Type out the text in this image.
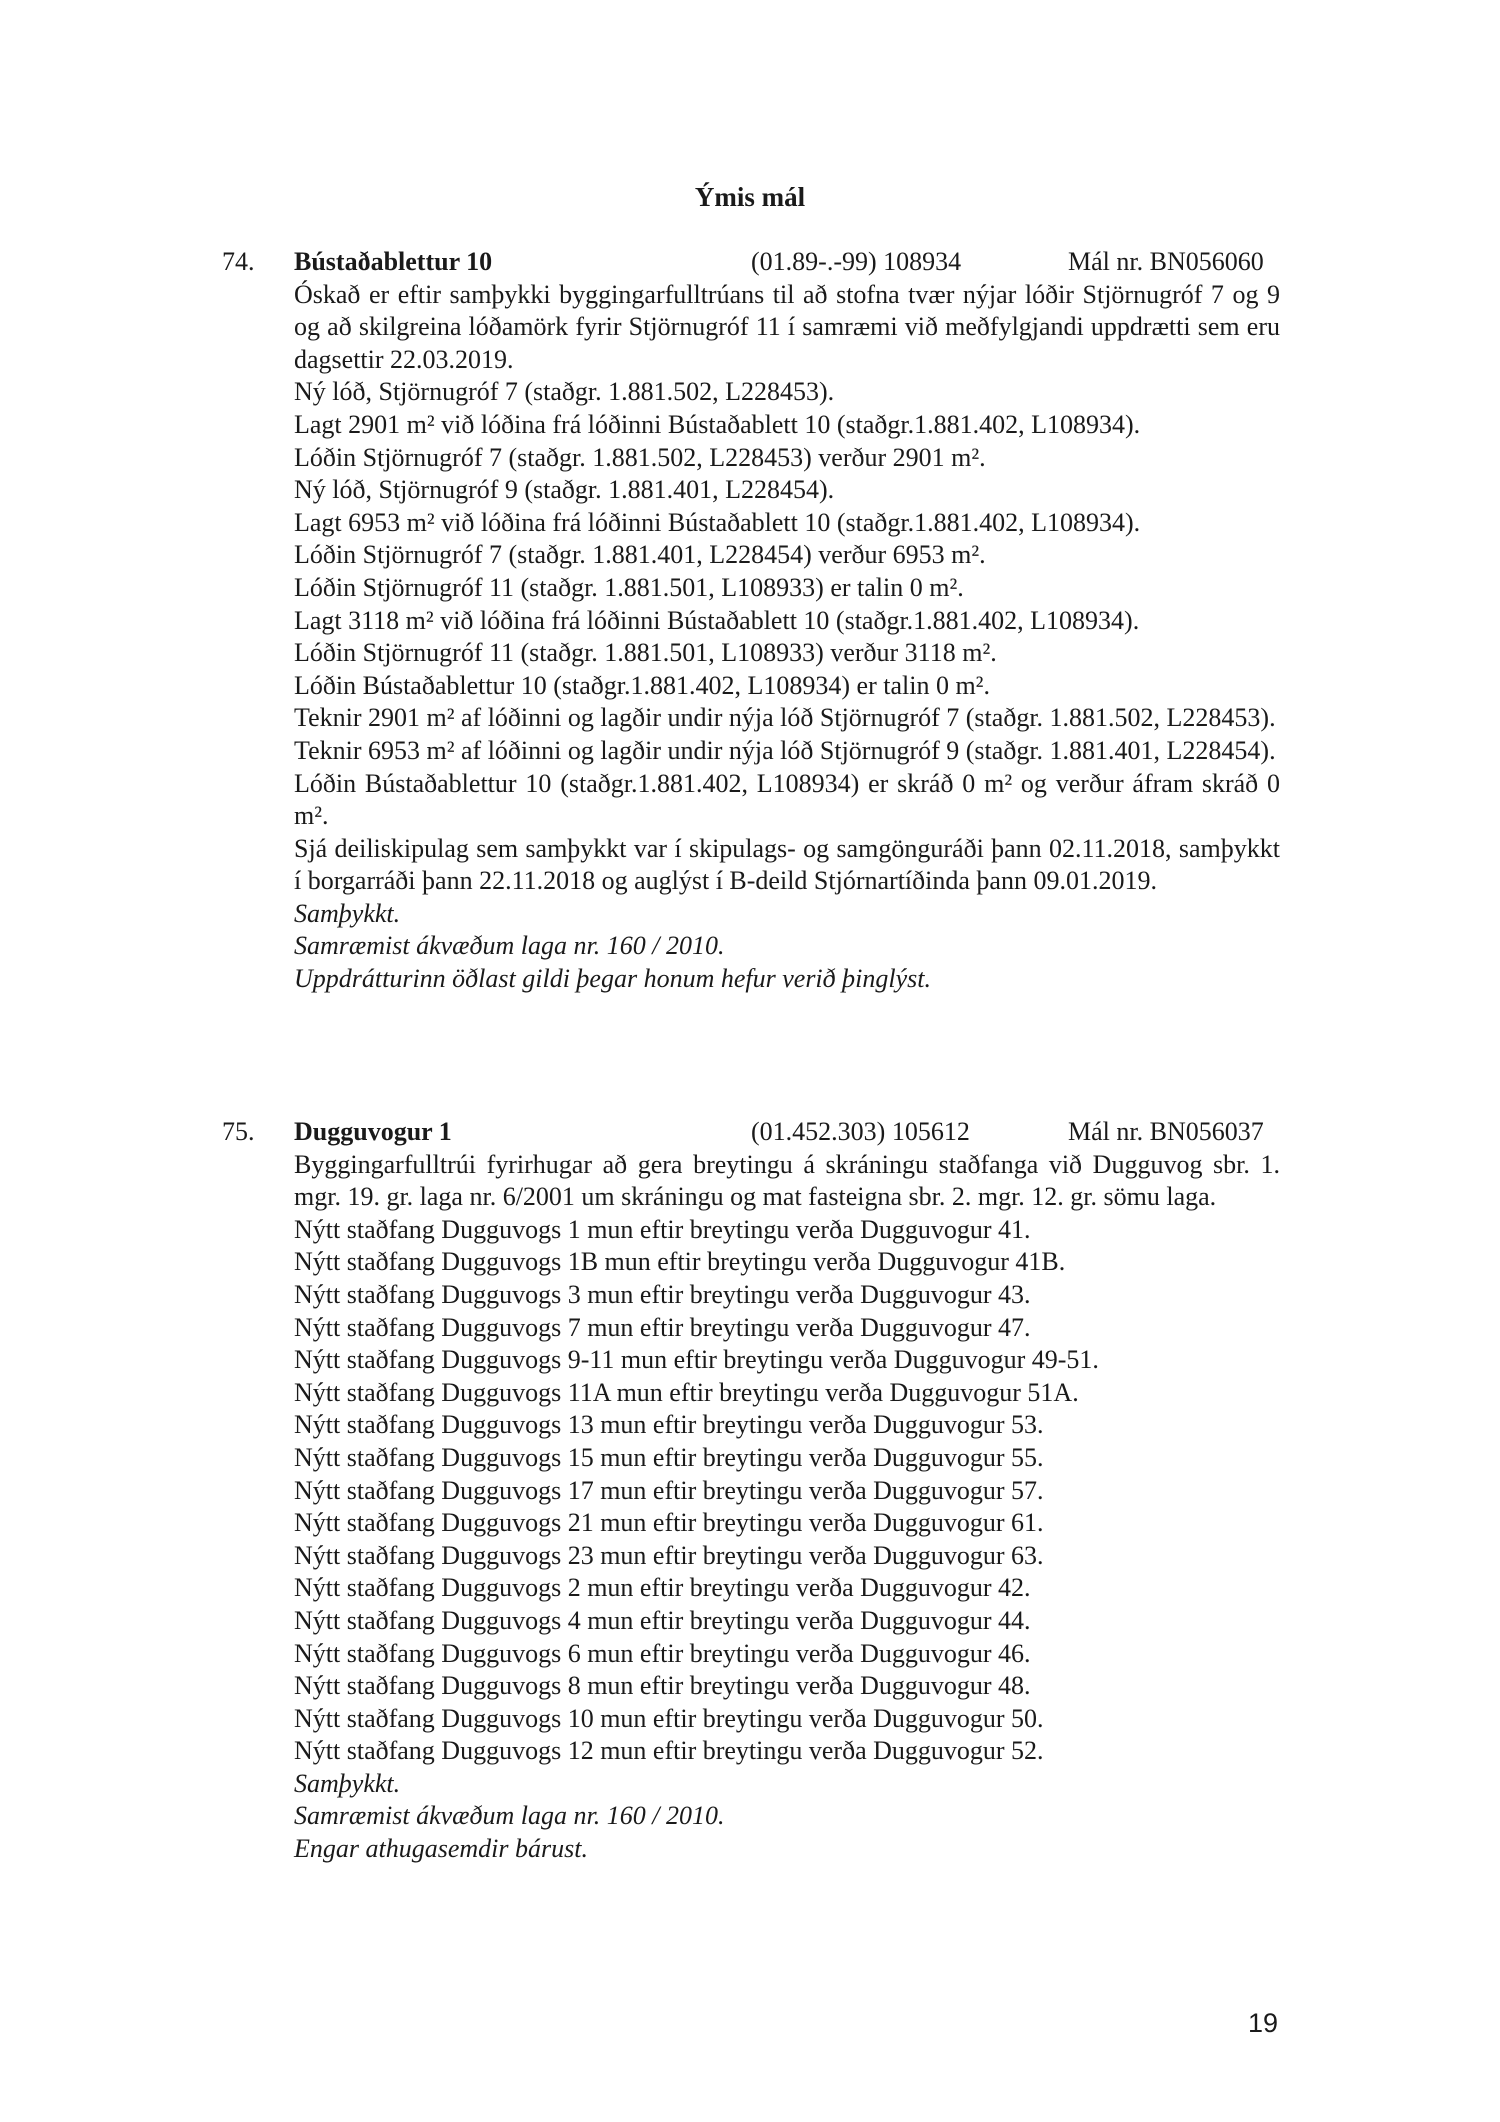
Ýmis mál
74. Bústaðablettur 10	(01.89-.-99) 108934	Mál nr. BN056060
Óskað er eftir samþykki byggingarfulltrúans til að stofna tvær nýjar lóðir Stjörnugróf 7 og 9 og að skilgreina lóðamörk fyrir Stjörnugróf 11 í samræmi við meðfylgjandi uppdrætti sem eru dagsettir 22.03.2019.
Ný lóð, Stjörnugróf 7 (staðgr. 1.881.502, L228453).
Lagt 2901 m² við lóðina frá lóðinni Bústaðablett 10 (staðgr.1.881.402, L108934).
Lóðin Stjörnugróf 7 (staðgr. 1.881.502, L228453) verður 2901 m².
Ný lóð, Stjörnugróf 9 (staðgr. 1.881.401, L228454).
Lagt 6953 m² við lóðina frá lóðinni Bústaðablett 10 (staðgr.1.881.402, L108934).
Lóðin Stjörnugróf 7 (staðgr. 1.881.401, L228454) verður 6953 m².
Lóðin Stjörnugróf 11 (staðgr. 1.881.501, L108933) er talin 0 m².
Lagt 3118 m² við lóðina frá lóðinni Bústaðablett 10 (staðgr.1.881.402, L108934).
Lóðin Stjörnugróf 11 (staðgr. 1.881.501, L108933) verður 3118 m².
Lóðin Bústaðablettur 10 (staðgr.1.881.402, L108934) er talin 0 m².
Teknir 2901 m² af lóðinni og lagðir undir nýja lóð Stjörnugróf 7 (staðgr. 1.881.502, L228453).
Teknir 6953 m² af lóðinni og lagðir undir nýja lóð Stjörnugróf 9 (staðgr. 1.881.401, L228454).
Lóðin Bústaðablettur 10 (staðgr.1.881.402, L108934) er skráð 0 m² og verður áfram skráð 0 m².
Sjá deiliskipulag sem samþykkt var í skipulags- og samgönguráði þann 02.11.2018, samþykkt í borgarráði þann 22.11.2018 og auglýst í B-deild Stjórnartíðinda þann 09.01.2019.
Samþykkt.
Samræmist ákvæðum laga nr. 160 / 2010.
Uppdrátturinn öðlast gildi þegar honum hefur verið þinglýst.
75. Dugguvogur 1	(01.452.303) 105612	Mál nr. BN056037
Byggingarfulltrúi fyrirhugar að gera breytingu á skráningu staðfanga við Dugguvog sbr. 1. mgr. 19. gr. laga nr. 6/2001 um skráningu og mat fasteigna sbr. 2. mgr. 12. gr. sömu laga.
Nýtt staðfang Dugguvogs 1 mun eftir breytingu verða Dugguvogur 41.
Nýtt staðfang Dugguvogs 1B mun eftir breytingu verða Dugguvogur 41B.
Nýtt staðfang Dugguvogs 3 mun eftir breytingu verða Dugguvogur 43.
Nýtt staðfang Dugguvogs 7 mun eftir breytingu verða Dugguvogur 47.
Nýtt staðfang Dugguvogs 9-11 mun eftir breytingu verða Dugguvogur 49-51.
Nýtt staðfang Dugguvogs 11A mun eftir breytingu verða Dugguvogur 51A.
Nýtt staðfang Dugguvogs 13 mun eftir breytingu verða Dugguvogur 53.
Nýtt staðfang Dugguvogs 15 mun eftir breytingu verða Dugguvogur 55.
Nýtt staðfang Dugguvogs 17 mun eftir breytingu verða Dugguvogur 57.
Nýtt staðfang Dugguvogs 21 mun eftir breytingu verða Dugguvogur 61.
Nýtt staðfang Dugguvogs 23 mun eftir breytingu verða Dugguvogur 63.
Nýtt staðfang Dugguvogs 2 mun eftir breytingu verða Dugguvogur 42.
Nýtt staðfang Dugguvogs 4 mun eftir breytingu verða Dugguvogur 44.
Nýtt staðfang Dugguvogs 6 mun eftir breytingu verða Dugguvogur 46.
Nýtt staðfang Dugguvogs 8 mun eftir breytingu verða Dugguvogur 48.
Nýtt staðfang Dugguvogs 10 mun eftir breytingu verða Dugguvogur 50.
Nýtt staðfang Dugguvogs 12 mun eftir breytingu verða Dugguvogur 52.
Samþykkt.
Samræmist ákvæðum laga nr. 160 / 2010.
Engar athugasemdir bárust.
19
